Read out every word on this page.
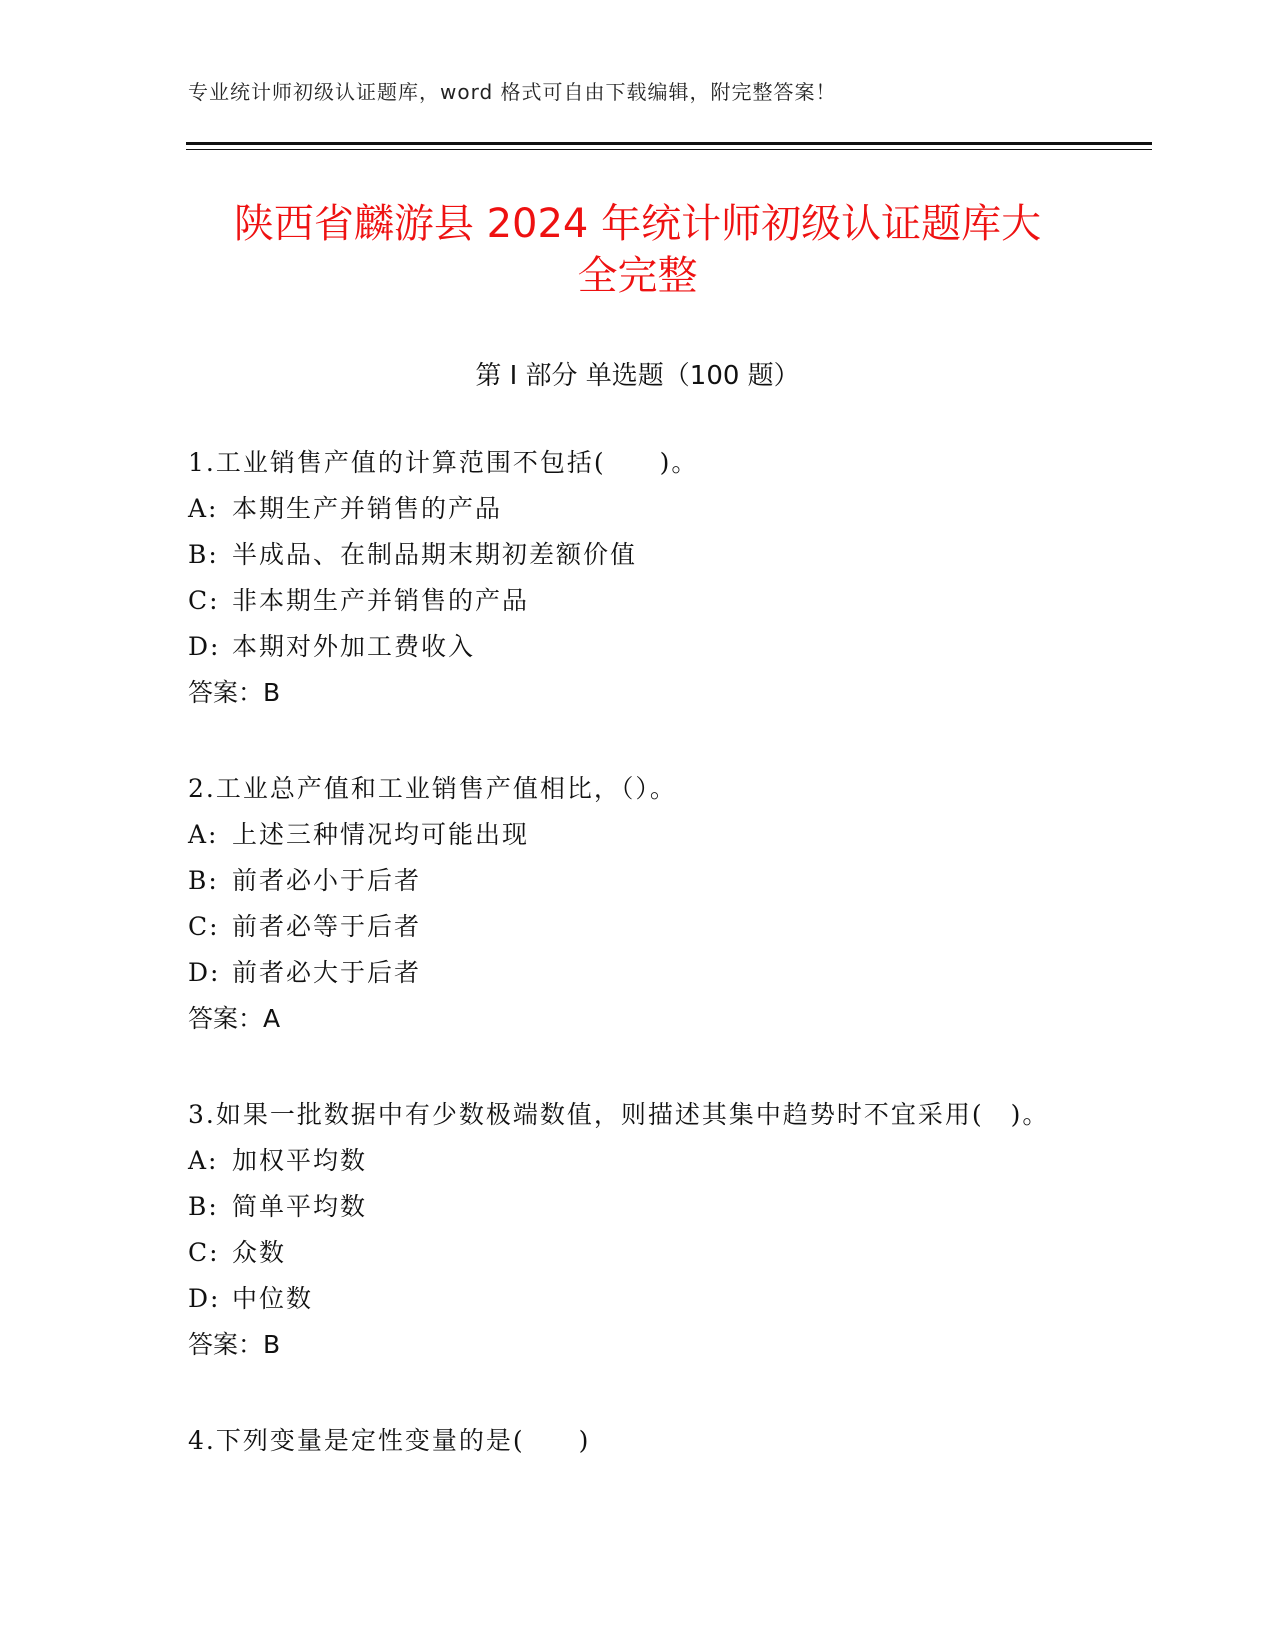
专业统计师初级认证题库，word 格式可自由下载编辑，附完整答案！
陕西省麟游县 2024 年统计师初级认证题库大
全完整
第 I 部分 单选题（100 题）
1.工业销售产值的计算范围不包括(　　)。
A: 本期生产并销售的产品
B: 半成品、在制品期末期初差额价值
C: 非本期生产并销售的产品
D: 本期对外加工费收入
答案：B
2.工业总产值和工业销售产值相比，（）。
A: 上述三种情况均可能出现
B: 前者必小于后者
C: 前者必等于后者
D: 前者必大于后者
答案：A
3.如果一批数据中有少数极端数值，则描述其集中趋势时不宜采用(　)。
A: 加权平均数
B: 简单平均数
C: 众数
D: 中位数
答案：B
4.下列变量是定性变量的是(　　)
